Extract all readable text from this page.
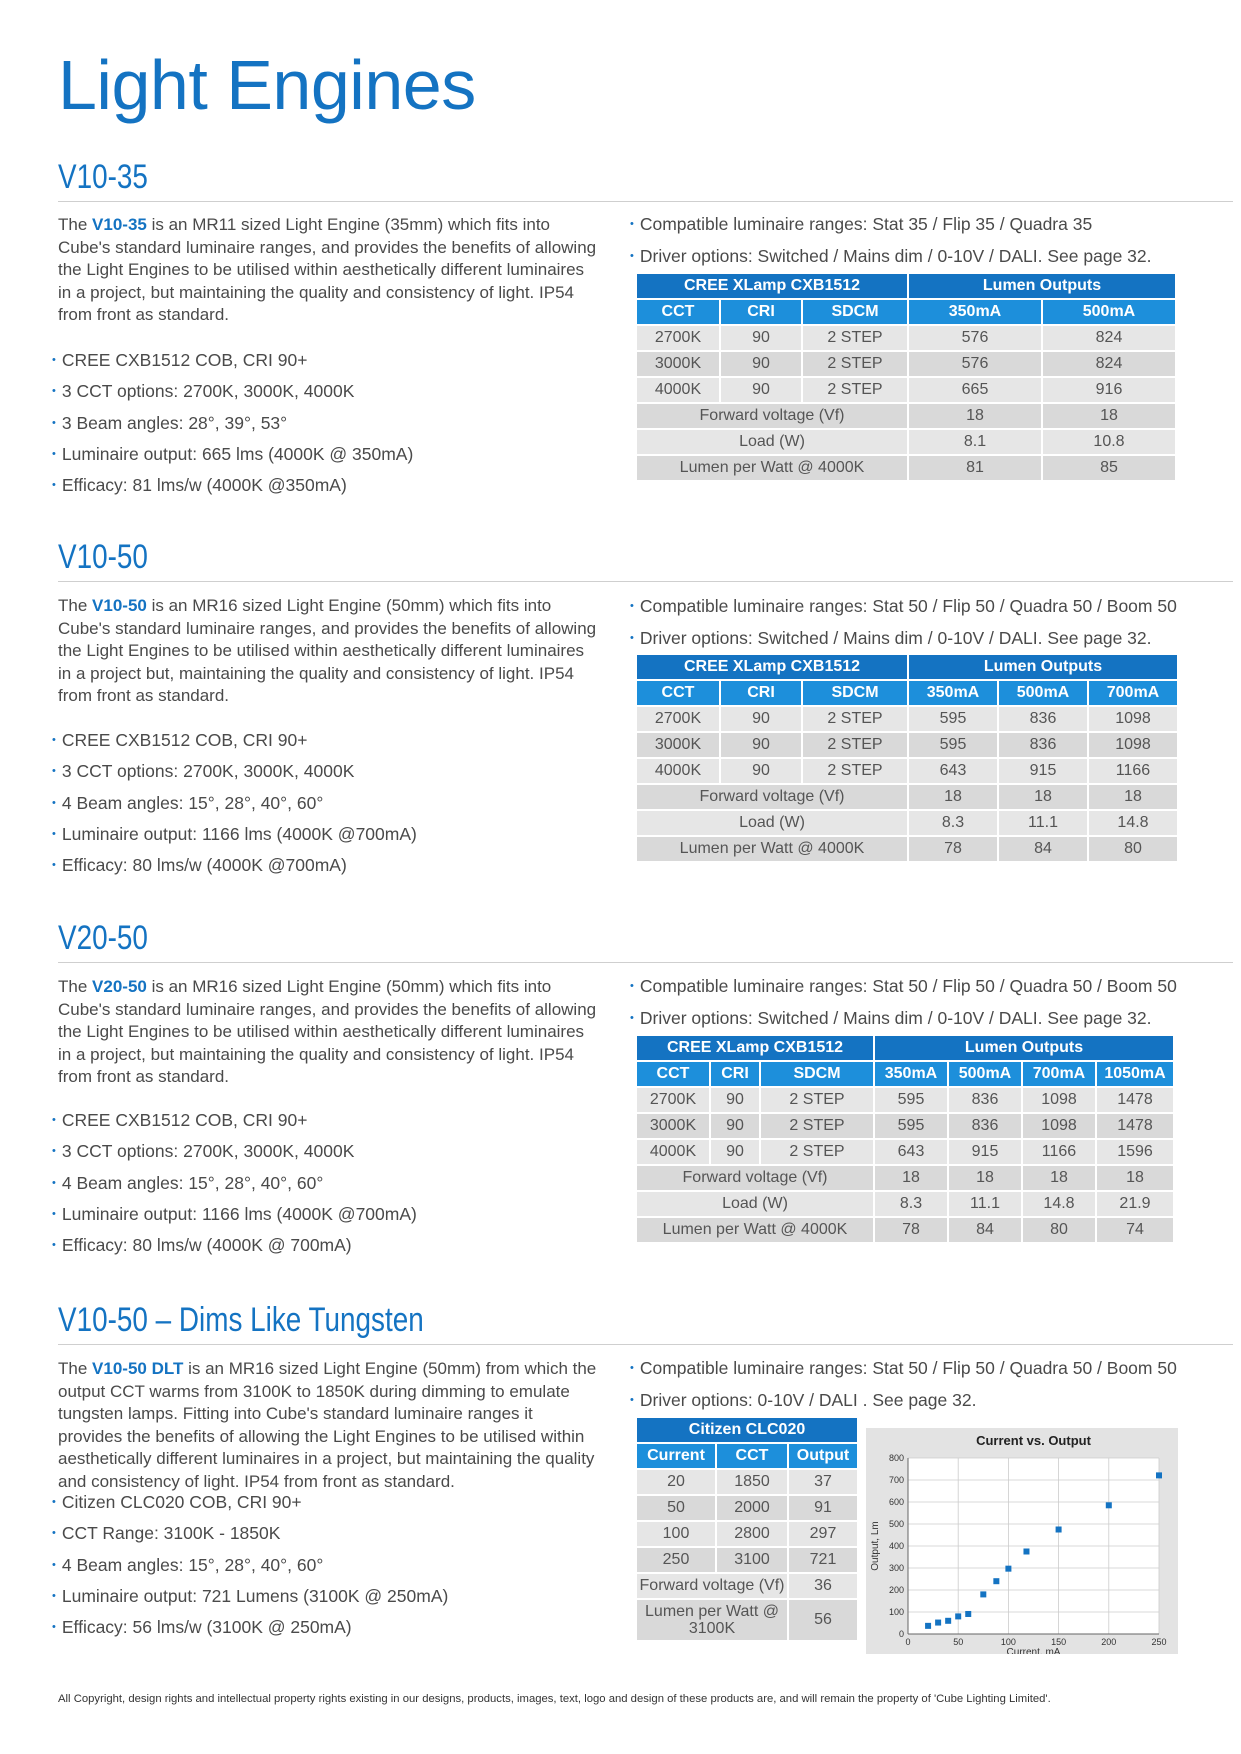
Light Engines
V10-35

The V10-35 is an MR11 sized Light Engine (35mm) which fits into Cube's standard luminaire ranges, and provides the benefits of allowing the Light Engines to be utilised within aesthetically different luminaires in a project, but maintaining the quality and consistency of light. IP54 from front as standard.

• CREE CXB1512 COB, CRI 90+
• 3 CCT options: 2700K, 3000K, 4000K
• 3 Beam angles: 28°, 39°, 53°
• Luminaire output: 665 lms (4000K @ 350mA)
• Efficacy: 81 lms/w (4000K @350mA)
• Compatible luminaire ranges: Stat 35 / Flip 35 / Quadra 35
• Driver options: Switched / Mains dim / 0-10V / DALI. See page 32.
CREE XLamp CXB1512			Lumen Outputs	
CCT	CRI	SDCM	350mA	500mA
2700K	90	2 STEP	576	824
3000K	90	2 STEP	576	824
4000K	90	2 STEP	665	916
Forward voltage (Vf)			18	18
Load (W)			8.1	10.8
Lumen per Watt @ 4000K			81	85
V10-50

The V10-50 is an MR16 sized Light Engine (50mm) which fits into Cube's standard luminaire ranges, and provides the benefits of allowing the Light Engines to be utilised within aesthetically different luminaires in a project but, maintaining the quality and consistency of light. IP54 from front as standard.

• CREE CXB1512 COB, CRI 90+
• 3 CCT options: 2700K, 3000K, 4000K
• 4 Beam angles: 15°, 28°, 40°, 60°
• Luminaire output: 1166 lms (4000K @700mA)
• Efficacy: 80 lms/w (4000K @700mA)
• Compatible luminaire ranges: Stat 50 / Flip 50 / Quadra 50 / Boom 50
• Driver options: Switched / Mains dim / 0-10V / DALI. See page 32.
CREE XLamp CXB1512			Lumen Outputs		
CCT	CRI	SDCM	350mA	500mA	700mA
2700K	90	2 STEP	595	836	1098
3000K	90	2 STEP	595	836	1098
4000K	90	2 STEP	643	915	1166
Forward voltage (Vf)			18	18	18
Load (W)			8.3	11.1	14.8
Lumen per Watt @ 4000K			78	84	80
V20-50

The V20-50 is an MR16 sized Light Engine (50mm) which fits into Cube's standard luminaire ranges, and provides the benefits of allowing the Light Engines to be utilised within aesthetically different luminaires in a project, but maintaining the quality and consistency of light. IP54 from front as standard.

• CREE CXB1512 COB, CRI 90+
• 3 CCT options: 2700K, 3000K, 4000K
• 4 Beam angles: 15°, 28°, 40°, 60°
• Luminaire output: 1166 lms (4000K @700mA)
• Efficacy: 80 lms/w (4000K @ 700mA)
• Compatible luminaire ranges: Stat 50 / Flip 50 / Quadra 50 / Boom 50
• Driver options: Switched / Mains dim / 0-10V / DALI. See page 32.
CREE XLamp CXB1512			Lumen Outputs			
CCT	CRI	SDCM	350mA	500mA	700mA	1050mA
2700K	90	2 STEP	595	836	1098	1478
3000K	90	2 STEP	595	836	1098	1478
4000K	90	2 STEP	643	915	1166	1596
Forward voltage (Vf)			18	18	18	18
Load (W)			8.3	11.1	14.8	21.9
Lumen per Watt @ 4000K			78	84	80	74
V10-50 – Dims Like Tungsten

The V10-50 DLT is an MR16 sized Light Engine (50mm) from which the output CCT warms from 3100K to 1850K during dimming to emulate tungsten lamps. Fitting into Cube's standard luminaire ranges it provides the benefits of allowing the Light Engines to be utilised within aesthetically different luminaires in a project, but maintaining the quality and consistency of light. IP54 from front as standard.

• Citizen CLC020 COB, CRI 90+
• CCT Range: 3100K - 1850K
• 4 Beam angles: 15°, 28°, 40°, 60°
• Luminaire output: 721 Lumens (3100K @ 250mA)
• Efficacy: 56 lms/w (3100K @ 250mA)
• Compatible luminaire ranges: Stat 50 / Flip 50 / Quadra 50 / Boom 50
• Driver options: 0-10V / DALI . See page 32.
Citizen CLC020		
Current	CCT	Output
20	1850	37
50	2000	91
100	2800	297
250	3100	721
Forward voltage (Vf)		36
Lumen per Watt @ 3100K		56
0
100
200
300
400
500
600
700
800
0	50	100	150	200	250
Current vs. Output
Current, mA
Output, Lm
All Copyright, design rights and intellectual property rights existing in our designs, products, images, text, logo and design of these products are, and will remain the property of 'Cube Lighting Limited'.
